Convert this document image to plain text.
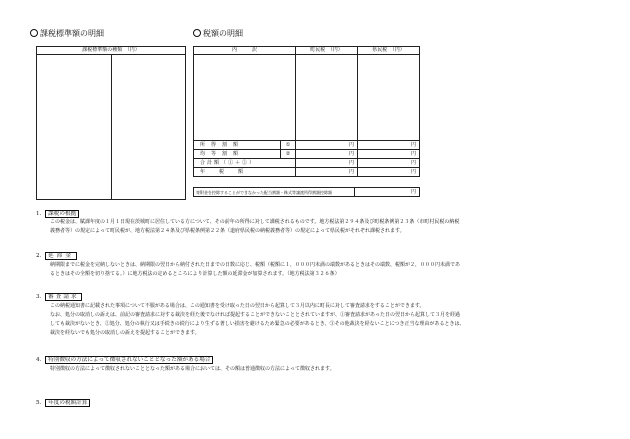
課税標準額の明細
課税標準額の種類　（円）

税額の明細
内　　　訳		町民税　（円）	県民税　（円）

所得割額	①	円	円
均等割額	②	円	円
合計額（①＋②）		円	円
年税額		円	円
寄附金を控除することができなかった配当割額・株式等譲渡所得割額控除額	円
1． 課税の根拠
この税金は、賦課年度の１月１日現在茨城町に居住している方について、その前年の所得に対して課税されるものです。地方税法第２９４条及び町税条例第２３条（市町村民税の納税
義務者等）の規定によって町民税が、地方税法第２４条及び県税条例第２２条（道府県民税の納税義務者等）の規定によって県民税がそれぞれ課税されます。
2． 延滞金
納期限までに税金を完納しないときは、納期限の翌日から納付された日までの日数に応じ、税額（税額に１，０００円未満の端数があるときはその端数、税額が２，０００円未満であ
るときはその全額を切り捨てる。）に地方税法の定めるところにより計算した額の延滞金が加算されます。（地方税法第３２６条）
3． 審査請求
この納税通知書に記載された事項について不服がある場合は、この通知書を受け取った日の翌日から起算して３月以内に町長に対して審査請求をすることができます。
なお、処分の取消しの訴えは、前記の審査請求に対する裁決を経た後でなければ提起することができないこととされていますが、①審査請求があった日の翌日から起算して３月を経過
しても裁決がないとき、②処分、処分の執行又は手続きの続行により生ずる著しい損害を避けるため緊急の必要があるとき、③その他裁決を経ないことにつき正当な理由があるときは、
裁決を経ないでも処分の取消しの訴えを提起することができます。
4． 特別徴収の方法によって徴収されないこととなった額がある場合
特別徴収の方法によって徴収されないこととなった額がある場合においては、その額は普通徴収の方法によって徴収されます。
5． 年度の税額計算
